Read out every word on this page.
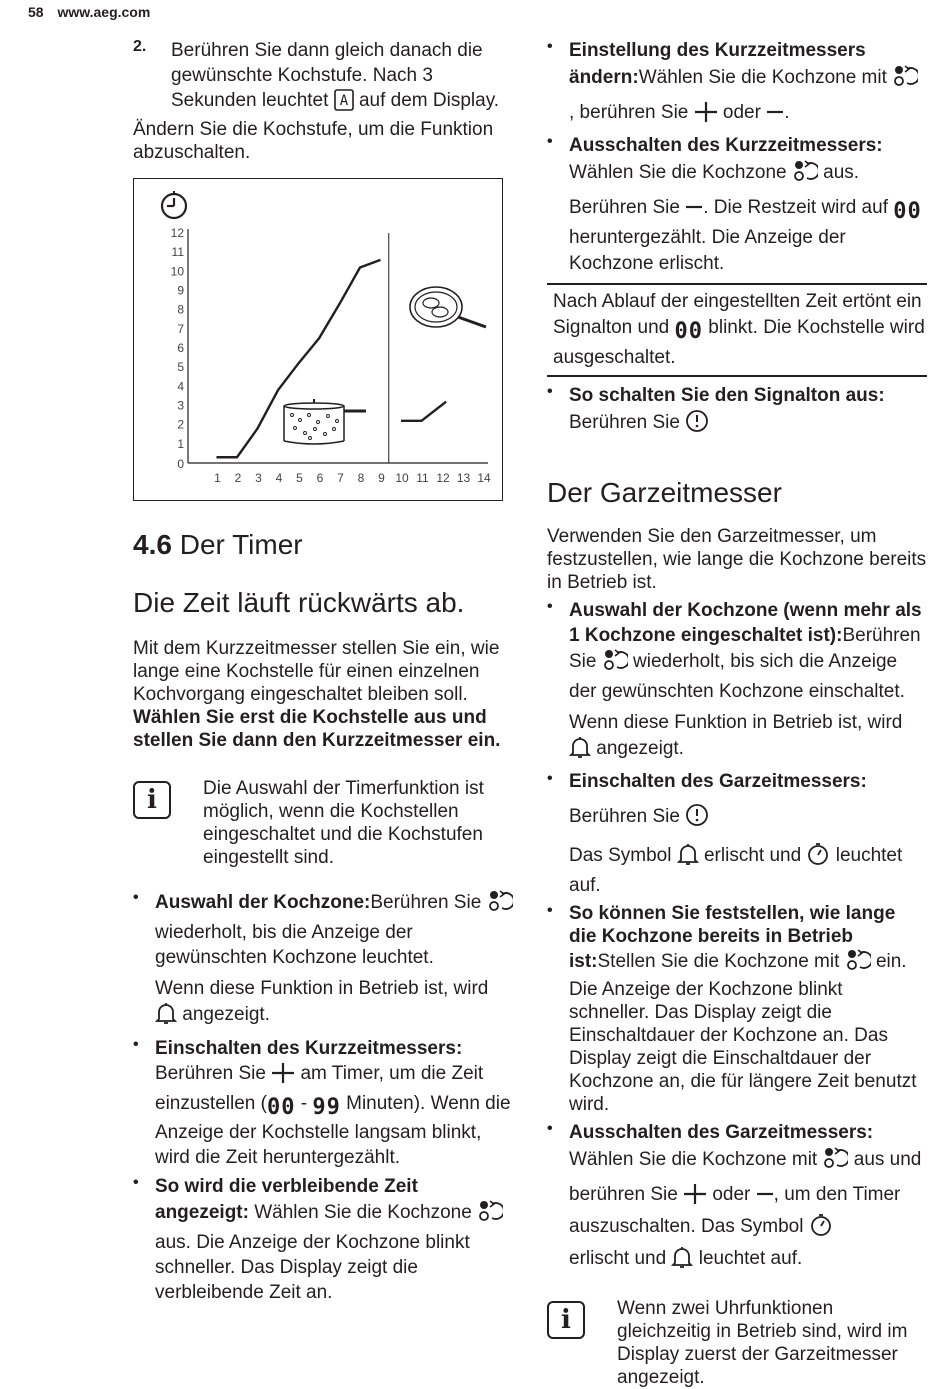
58 www.aeg.com
2. Berühren Sie dann gleich danach die gewünschte Kochstufe. Nach 3 Sekunden leuchtet A auf dem Display.

Ändern Sie die Kochstufe, um die Funktion abzuschalten.

0
1
2
3
4
5
6
7
8
9
10
11
12
1 2 3 4 5 6 7 8 9 10 11 12 13 14
4.6 Der Timer
Die Zeit läuft rückwärts ab.

Mit dem Kurzzeitmesser stellen Sie ein, wie lange eine Kochstelle für einen einzelnen Kochvorgang eingeschaltet bleiben soll.

Wählen Sie erst die Kochstelle aus und stellen Sie dann den Kurzzeitmesser ein.

i	Die Auswahl der Timerfunktion ist möglich, wenn die Kochstellen eingeschaltet und die Kochstufen eingestellt sind.

• Auswahl der Kochzone:Berühren Sie  wiederholt, bis die Anzeige der gewünschten Kochzone leuchtet.

Wenn diese Funktion in Betrieb ist, wird  angezeigt.

• Einschalten des Kurzzeitmessers: Berühren Sie am Timer, um die Zeit einzustellen (00 - 99 Minuten). Wenn die Anzeige der Kochstelle langsam blinkt, wird die Zeit heruntergezählt.

• So wird die verbleibende Zeit angezeigt: Wählen Sie die Kochzone  aus. Die Anzeige der Kochzone blinkt schneller. Das Display zeigt die verbleibende Zeit an.

• Einstellung des Kurzzeitmessers ändern:Wählen Sie die Kochzone mit  , berühren Sie oder .

• Ausschalten des Kurzzeitmessers: Wählen Sie die Kochzone aus. Berühren Sie . Die Restzeit wird auf 00 heruntergezählt. Die Anzeige der Kochzone erlischt.

Nach Ablauf der eingestellten Zeit ertönt ein Signalton und 00 blinkt. Die Kochstelle wird ausgeschaltet.

• So schalten Sie den Signalton aus:
Berühren Sie

Der Garzeitmesser

Verwenden Sie den Garzeitmesser, um festzustellen, wie lange die Kochzone bereits in Betrieb ist.

• Auswahl der Kochzone (wenn mehr als 1 Kochzone eingeschaltet ist):Berühren Sie wiederholt, bis sich die Anzeige der gewünschten Kochzone einschaltet.

Wenn diese Funktion in Betrieb ist, wird  angezeigt.

• Einschalten des Garzeitmessers:

Berühren Sie

Das Symbol erlischt und leuchtet auf.

• So können Sie feststellen, wie lange die Kochzone bereits in Betrieb ist:Stellen Sie die Kochzone mit ein. Die Anzeige der Kochzone blinkt schneller. Das Display zeigt die Einschaltdauer der Kochzone an. Das Display zeigt die Einschaltdauer der Kochzone an, die für längere Zeit benutzt wird.

• Ausschalten des Garzeitmessers:
Wählen Sie die Kochzone mit aus und berühren Sie oder , um den Timer auszuschalten. Das Symbol
erlischt und leuchtet auf.

i	Wenn zwei Uhrfunktionen gleichzeitig in Betrieb sind, wird im Display zuerst der Garzeitmesser angezeigt.
